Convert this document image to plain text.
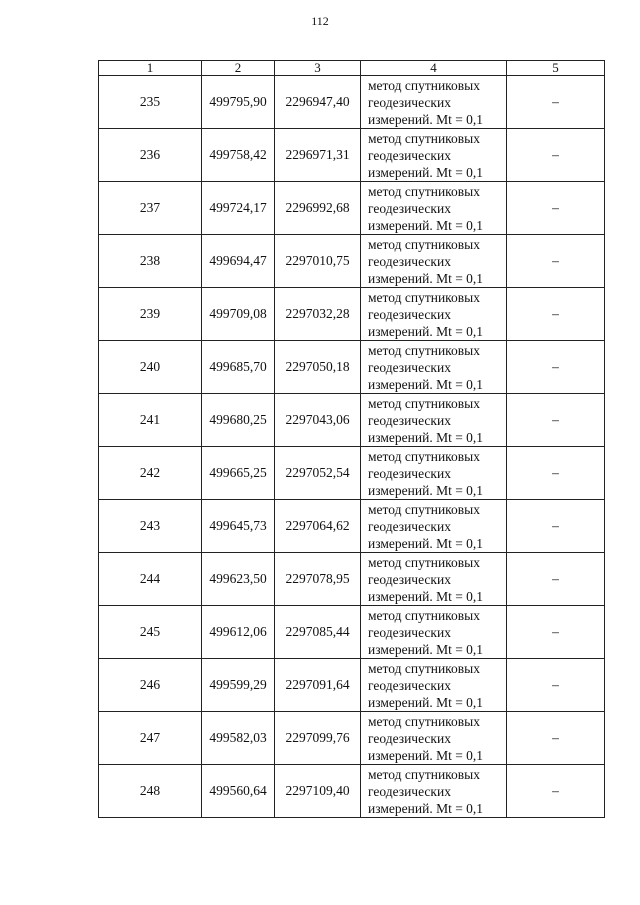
112
1	2	3	4	5
235	499795,90	2296947,40	метод спутниковых
геодезических
измерений. Mt = 0,1	–
236	499758,42	2296971,31	метод спутниковых
геодезических
измерений. Mt = 0,1	–
237	499724,17	2296992,68	метод спутниковых
геодезических
измерений. Mt = 0,1	–
238	499694,47	2297010,75	метод спутниковых
геодезических
измерений. Mt = 0,1	–
239	499709,08	2297032,28	метод спутниковых
геодезических
измерений. Mt = 0,1	–
240	499685,70	2297050,18	метод спутниковых
геодезических
измерений. Mt = 0,1	–
241	499680,25	2297043,06	метод спутниковых
геодезических
измерений. Mt = 0,1	–
242	499665,25	2297052,54	метод спутниковых
геодезических
измерений. Mt = 0,1	–
243	499645,73	2297064,62	метод спутниковых
геодезических
измерений. Mt = 0,1	–
244	499623,50	2297078,95	метод спутниковых
геодезических
измерений. Mt = 0,1	–
245	499612,06	2297085,44	метод спутниковых
геодезических
измерений. Mt = 0,1	–
246	499599,29	2297091,64	метод спутниковых
геодезических
измерений. Mt = 0,1	–
247	499582,03	2297099,76	метод спутниковых
геодезических
измерений. Mt = 0,1	–
248	499560,64	2297109,40	метод спутниковых
геодезических
измерений. Mt = 0,1	–
